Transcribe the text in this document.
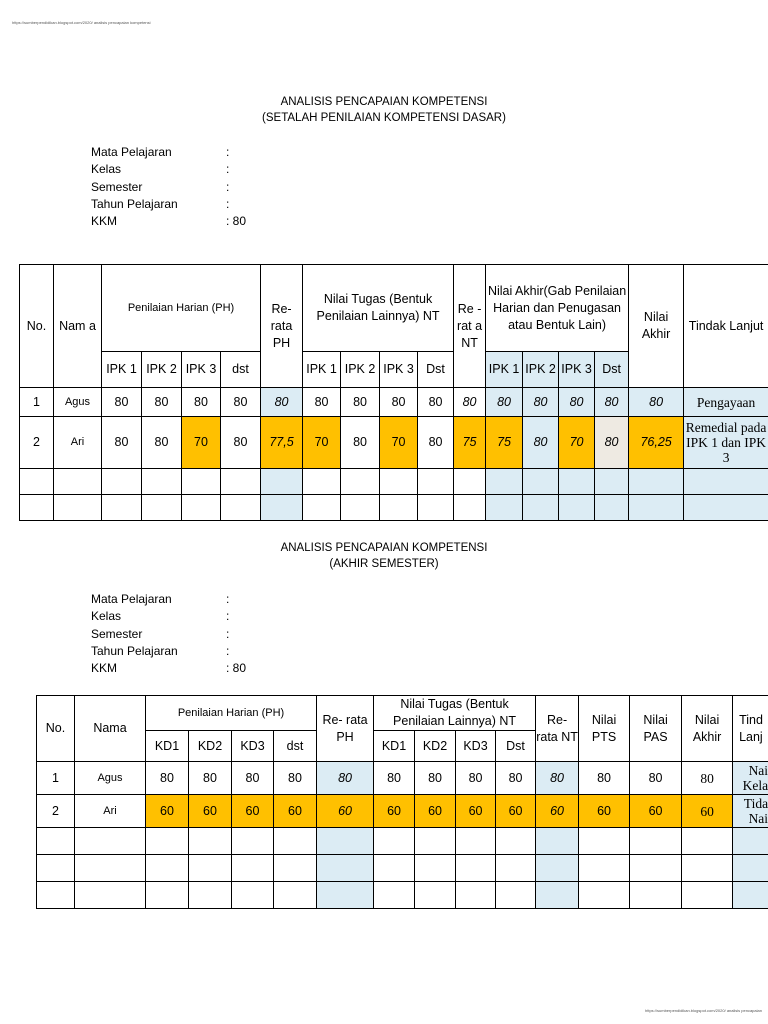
https://sumberpendidikan.blogspot.com/2020/ analisis pencapaian kompetensi
https://sumberpendidikan.blogspot.com/2020/ analisis pencapaian
ANALISIS PENCAPAIAN KOMPETENSI
(SETALAH PENILAIAN KOMPETENSI DASAR)
Mata Pelajaran	:
Kelas	:
Semester	:
Tahun Pelajaran	:
KKM	: 80
No.	Nam a	Penilaian Harian (PH)				Re- rata PH	Nilai Tugas (Bentuk Penilaian Lainnya) NT				Re - rat a NT	Nilai Akhir(Gab Penilaian Harian dan Penugasan atau Bentuk Lain)				Nilai Akhir	Tindak Lanjut
		IPK 1	IPK 2	IPK 3	dst		IPK 1	IPK 2	IPK 3	Dst		IPK 1	IPK 2	IPK 3	Dst		
1	Agus	80	80	80	80	80	80	80	80	80	80	80	80	80	80	80	Pengayaan
2	Ari	80	80	70	80	77,5	70	80	70	80	75	75	80	70	80	76,25	Remedial pada IPK 1 dan IPK 3

ANALISIS PENCAPAIAN KOMPETENSI
(AKHIR SEMESTER)
Mata Pelajaran	:
Kelas	:
Semester	:
Tahun Pelajaran	:
KKM	: 80
No.	Nama	Penilaian Harian (PH)				Re- rata PH	Nilai Tugas (Bentuk Penilaian Lainnya) NT				Re- rata NT	Nilai PTS	Nilai PAS	Nilai Akhir	Tind Lanj
		KD1	KD2	KD3	dst		KD1	KD2	KD3	Dst					
1	Agus	80	80	80	80	80	80	80	80	80	80	80	80	80	Nai Kela
2	Ari	60	60	60	60	60	60	60	60	60	60	60	60	60	Tida Nai
